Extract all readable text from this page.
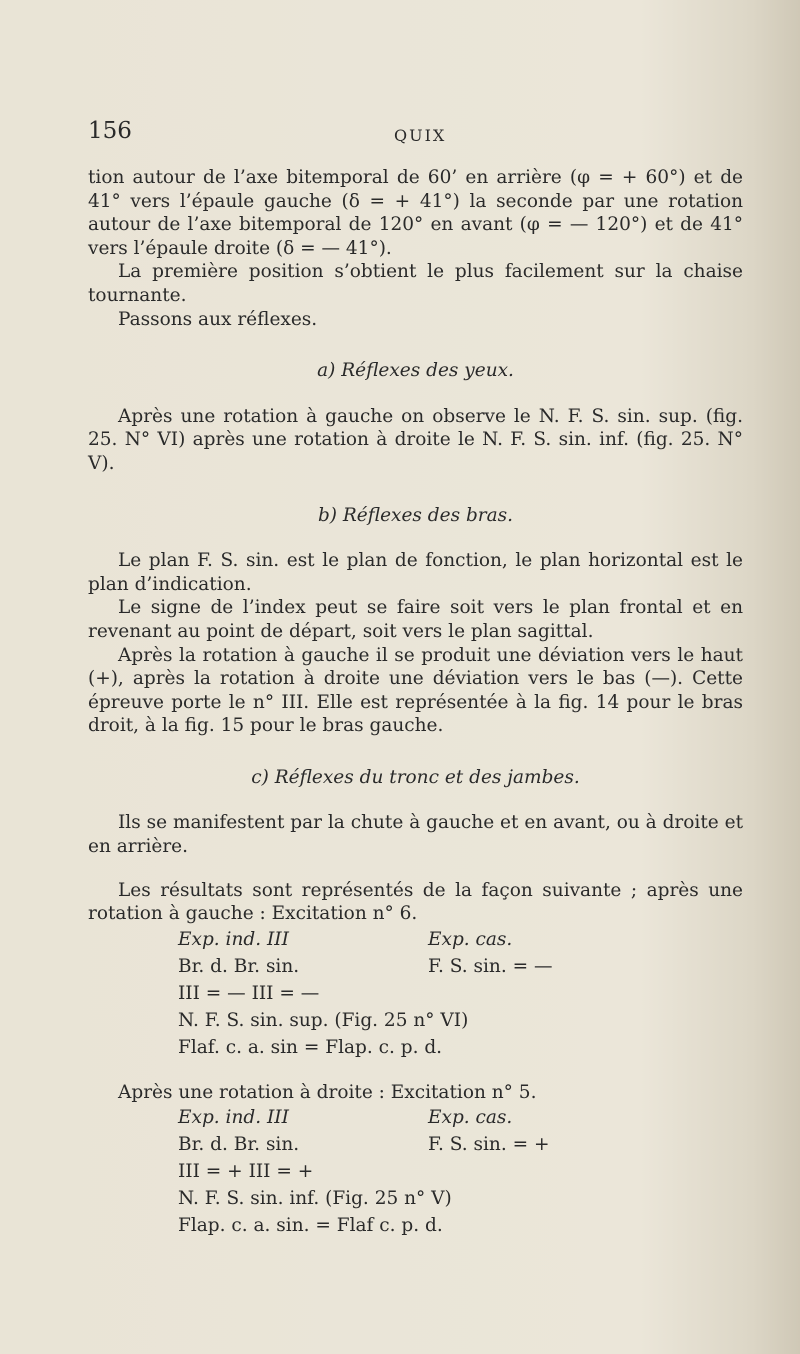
156	QUIX

tion autour de l’axe bitemporal de 60’ en arrière (φ = + 60°) et de 41° vers l’épaule gauche (δ = + 41°) la seconde par une rotation autour de l’axe bitemporal de 120° en avant (φ = — 120°) et de 41° vers l’épaule droite (δ = — 41°).

La première position s’obtient le plus facilement sur la chaise tournante.

Passons aux réflexes.

a) Réflexes des yeux.

Après une rotation à gauche on observe le N. F. S. sin. sup. (fig. 25. N° VI) après une rotation à droite le N. F. S. sin. inf. (fig. 25. N° V).

b) Réflexes des bras.

Le plan F. S. sin. est le plan de fonction, le plan horizontal est le plan d’indication.

Le signe de l’index peut se faire soit vers le plan frontal et en revenant au point de départ, soit vers le plan sagittal.

Après la rotation à gauche il se produit une déviation vers le haut (+), après la rotation à droite une déviation vers le bas (—). Cette épreuve porte le n° III. Elle est représentée à la fig. 14 pour le bras droit, à la fig. 15 pour le bras gauche.

c) Réflexes du tronc et des jambes.

Ils se manifestent par la chute à gauche et en avant, ou à droite et en arrière.

Les résultats sont représentés de la façon suivante ; après une rotation à gauche : Excitation n° 6.

Exp. ind. III	Exp. cas.
Br. d. Br. sin.	F. S. sin. = —
III = — III = —
N. F. S. sin. sup. (Fig. 25 n° VI)
Flaf. c. a. sin = Flap. c. p. d.

Après une rotation à droite : Excitation n° 5.

Exp. ind. III	Exp. cas.
Br. d. Br. sin.	F. S. sin. = +
III = + III = +
N. F. S. sin. inf. (Fig. 25 n° V)
Flap. c. a. sin. = Flaf c. p. d.
